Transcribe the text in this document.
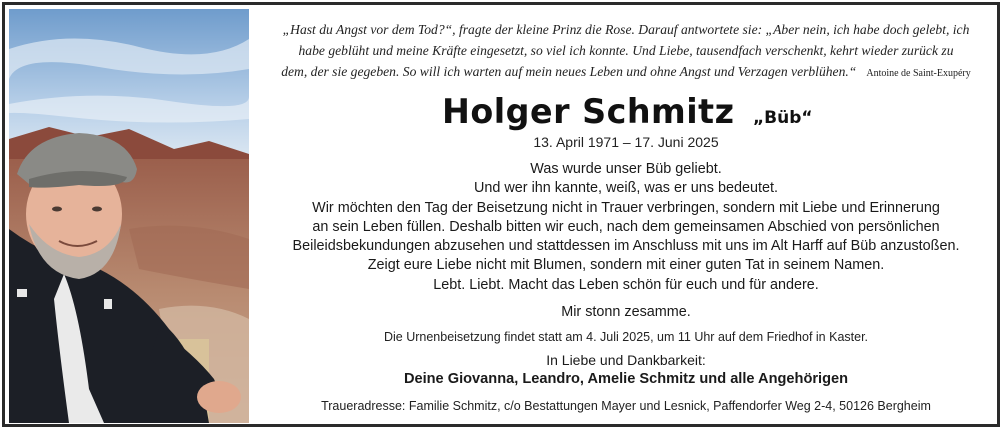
„Hast du Angst vor dem Tod?“, fragte der kleine Prinz die Rose. Darauf antwortete sie: „Aber nein, ich habe doch gelebt, ich
habe geblüht und meine Kräfte eingesetzt, so viel ich konnte. Und Liebe, tausendfach verschenkt, kehrt wieder zurück zu
dem, der sie gegeben. So will ich warten auf mein neues Leben und ohne Angst und Verzagen verblühen.“ Antoine de Saint-Exupéry
Holger Schmitz „Büb“
13. April 1971 – 17. Juni 2025
Was wurde unser Büb geliebt.
Und wer ihn kannte, weiß, was er uns bedeutet.
Wir möchten den Tag der Beisetzung nicht in Trauer verbringen, sondern mit Liebe und Erinnerung
an sein Leben füllen. Deshalb bitten wir euch, nach dem gemeinsamen Abschied von persönlichen
Beileidsbekundungen abzusehen und stattdessen im Anschluss mit uns im Alt Harff auf Büb anzustoßen.
Zeigt eure Liebe nicht mit Blumen, sondern mit einer guten Tat in seinem Namen.
Lebt. Liebt. Macht das Leben schön für euch und für andere.
Mir stonn zesamme.
Die Urnenbeisetzung findet statt am 4. Juli 2025, um 11 Uhr auf dem Friedhof in Kaster.
In Liebe und Dankbarkeit:
Deine Giovanna, Leandro, Amelie Schmitz und alle Angehörigen
Traueradresse: Familie Schmitz, c/o Bestattungen Mayer und Lesnick, Paffendorfer Weg 2-4, 50126 Bergheim
